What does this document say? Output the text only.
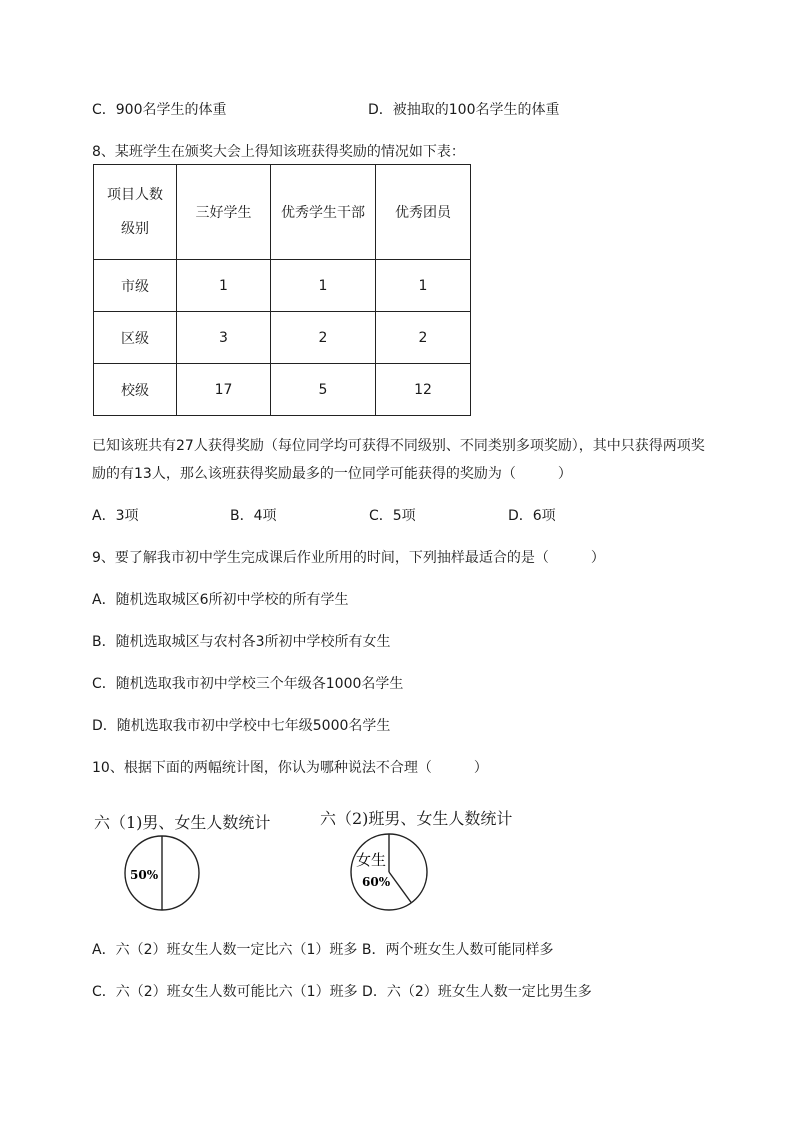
C．900名学生的体重	D．被抽取的100名学生的体重
8、某班学生在颁奖大会上得知该班获得奖励的情况如下表：
项目人数
级别	三好学生	优秀学生干部	优秀团员
市级	1	1	1
区级	3	2	2
校级	17	5	12
已知该班共有27人获得奖励（每位同学均可获得不同级别、不同类别多项奖励），其中只获得两项奖
励的有13人，那么该班获得奖励最多的一位同学可能获得的奖励为（　　　）
A．3项	B．4项	C．5项	D．6项
9、要了解我市初中学生完成课后作业所用的时间，下列抽样最适合的是（　　　）
A．随机选取城区6所初中学校的所有学生
B．随机选取城区与农村各3所初中学校所有女生
C．随机选取我市初中学校三个年级各1000名学生
D．随机选取我市初中学校中七年级5000名学生
10、根据下面的两幅统计图，你认为哪种说法不合理（　　　）
六（1)男、女生人数统计
50%
六（2)班男、女生人数统计
女生
60%
A．六（2）班女生人数一定比六（1）班多 B．两个班女生人数可能同样多
C．六（2）班女生人数可能比六（1）班多 D．六（2）班女生人数一定比男生多
